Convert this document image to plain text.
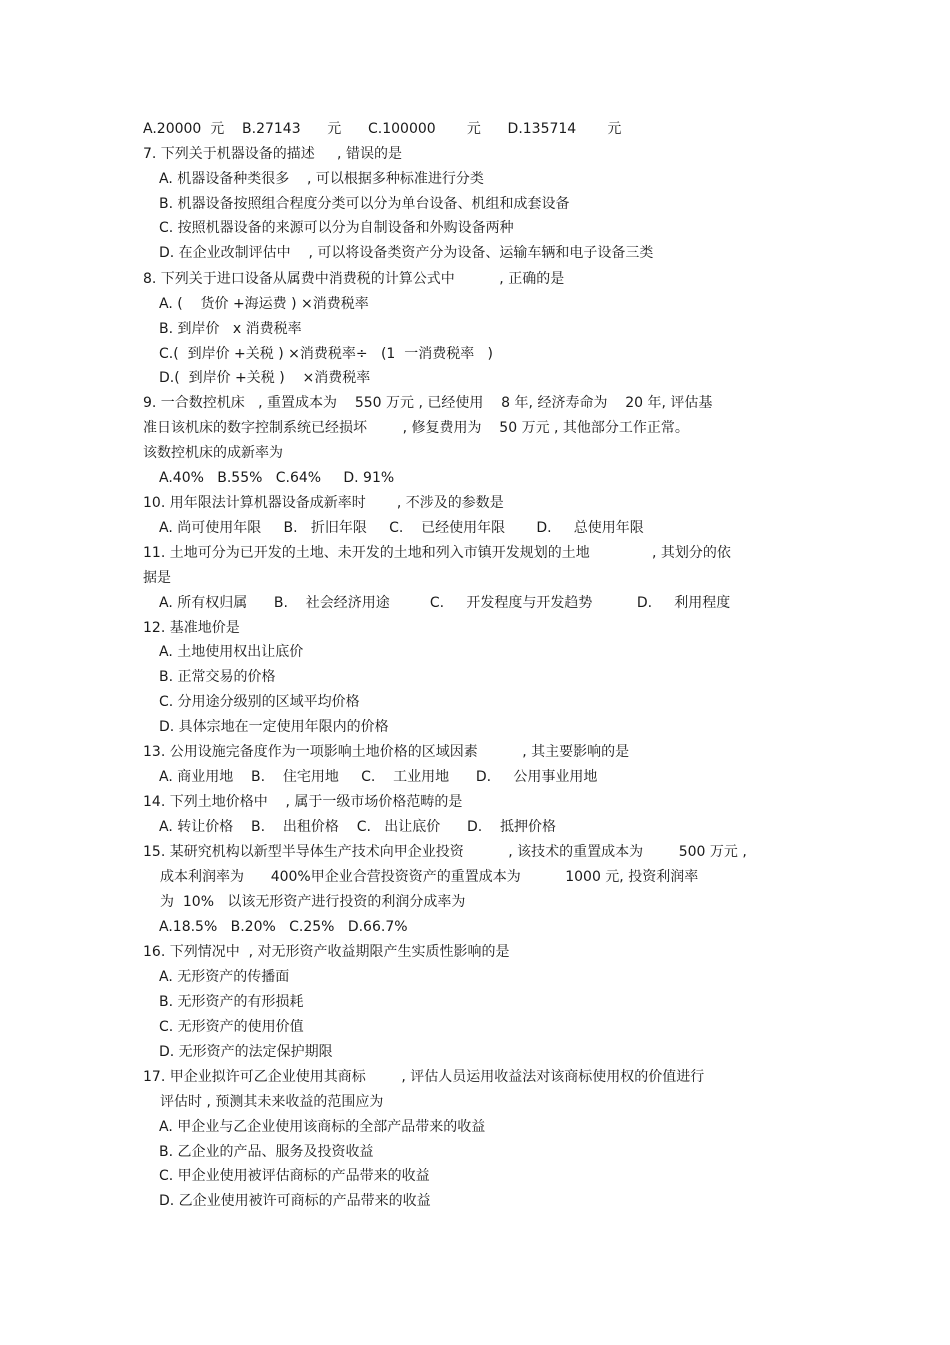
A.20000  元    B.27143      元      C.100000       元      D.135714       元

7. 下列关于机器设备的描述     , 错误的是

A. 机器设备种类很多    , 可以根据多种标准进行分类

B. 机器设备按照组合程度分类可以分为单台设备、机组和成套设备

C. 按照机器设备的来源可以分为自制设备和外购设备两种

D. 在企业改制评估中    , 可以将设备类资产分为设备、运输车辆和电子设备三类

8. 下列关于进口设备从属费中消费税的计算公式中          , 正确的是

A. (    货价 +海运费 ) ×消费税率

B. 到岸价   x 消费税率

C.(  到岸价 +关税 ) ×消费税率÷   (1  一消费税率   )

D.(  到岸价 +关税 )    ×消费税率

9. 一合数控机床   , 重置成本为    550 万元 , 已经使用    8 年, 经济寿命为    20 年, 评估基

准日该机床的数字控制系统已经损坏        , 修复费用为    50 万元 , 其他部分工作正常。

该数控机床的成新率为

A.40%   B.55%   C.64%     D. 91%

10. 用年限法计算机器设备成新率时       , 不涉及的参数是

A. 尚可使用年限     B.   折旧年限     C.    已经使用年限       D.     总使用年限

11. 土地可分为已开发的土地、未开发的土地和列入市镇开发规划的土地              , 其划分的依

据是

A. 所有权归属      B.    社会经济用途         C.     开发程度与开发趋势          D.     利用程度

12. 基准地价是

A. 土地使用权出让底价

B. 正常交易的价格

C. 分用途分级别的区域平均价格

D. 具体宗地在一定使用年限内的价格

13. 公用设施完备度作为一项影响土地价格的区域因素          , 其主要影响的是

A. 商业用地    B.    住宅用地     C.    工业用地      D.     公用事业用地

14. 下列土地价格中    , 属于一级市场价格范畴的是

A. 转让价格    B.    出租价格    C.   出让底价      D.    抵押价格

15. 某研究机构以新型半导体生产技术向甲企业投资          , 该技术的重置成本为        500 万元 ,

成本利润率为      400%甲企业合营投资资产的重置成本为          1000 元, 投资利润率

为  10%   以该无形资产进行投资的利润分成率为

A.18.5%   B.20%   C.25%   D.66.7%

16. 下列情况中  , 对无形资产收益期限产生实质性影响的是

A. 无形资产的传播面

B. 无形资产的有形损耗

C. 无形资产的使用价值

D. 无形资产的法定保护期限

17. 甲企业拟许可乙企业使用其商标        , 评估人员运用收益法对该商标使用权的价值进行

评估时 , 预测其未来收益的范围应为

A. 甲企业与乙企业使用该商标的全部产品带来的收益

B. 乙企业的产品、服务及投资收益

C. 甲企业使用被评估商标的产品带来的收益

D. 乙企业使用被许可商标的产品带来的收益
